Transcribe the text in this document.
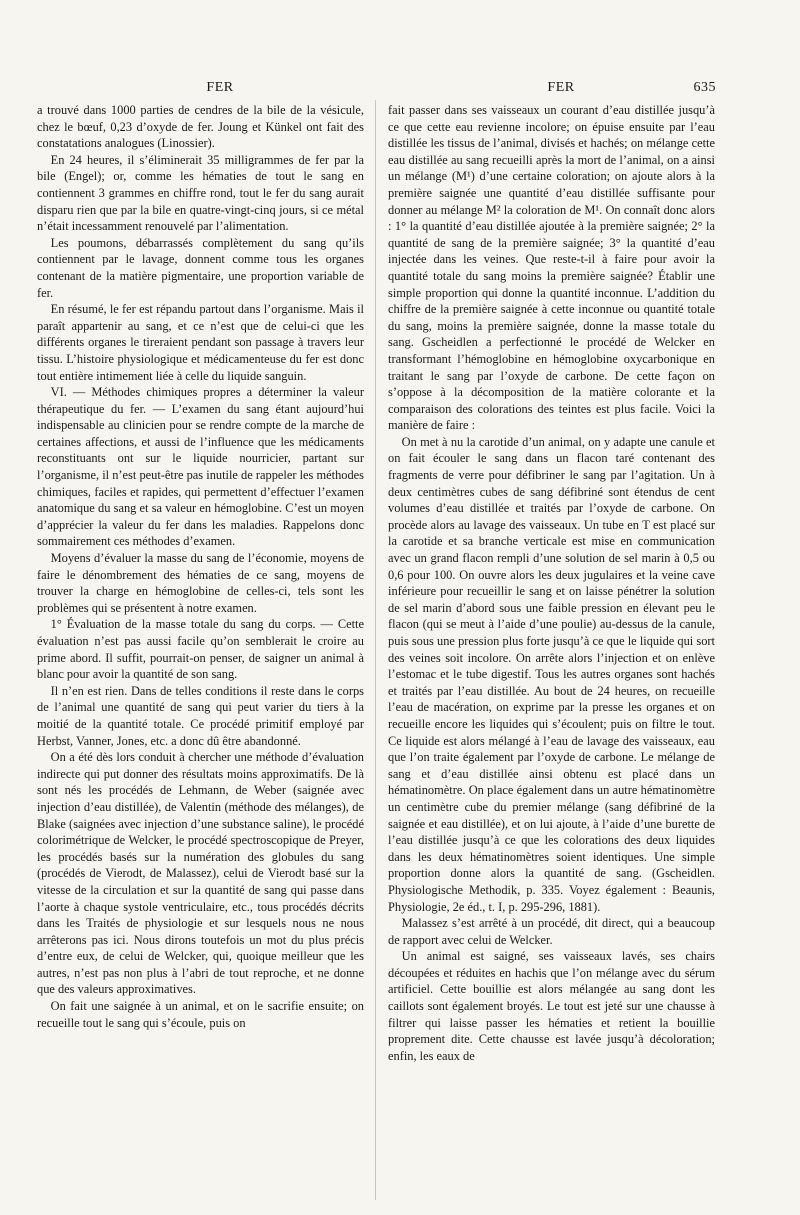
FER	FER	635

a trouvé dans 1000 parties de cendres de la bile de la vésicule, chez le bœuf, 0,23 d’oxyde de fer. Joung et Künkel ont fait des constatations analogues (Linossier).

En 24 heures, il s’éliminerait 35 milligrammes de fer par la bile (Engel); or, comme les hématies de tout le sang en contiennent 3 grammes en chiffre rond, tout le fer du sang aurait disparu rien que par la bile en quatre-vingt-cinq jours, si ce métal n’était incessamment renouvelé par l’alimentation.

Les poumons, débarrassés complètement du sang qu’ils contiennent par le lavage, donnent comme tous les organes contenant de la matière pigmentaire, une proportion variable de fer.

En résumé, le fer est répandu partout dans l’organisme. Mais il paraît appartenir au sang, et ce n’est que de celui-ci que les différents organes le tireraient pendant son passage à travers leur tissu. L’histoire physiologique et médicamenteuse du fer est donc tout entière intimement liée à celle du liquide sanguin.

VI. — Méthodes chimiques propres a déterminer la valeur thérapeutique du fer. — L’examen du sang étant aujourd’hui indispensable au clinicien pour se rendre compte de la marche de certaines affections, et aussi de l’influence que les médicaments reconstituants ont sur le liquide nourricier, partant sur l’organisme, il n’est peut-être pas inutile de rappeler les méthodes chimiques, faciles et rapides, qui permettent d’effectuer l’examen anatomique du sang et sa valeur en hémoglobine. C’est un moyen d’apprécier la valeur du fer dans les maladies. Rappelons donc sommairement ces méthodes d’examen.

Moyens d’évaluer la masse du sang de l’économie, moyens de faire le dénombrement des hématies de ce sang, moyens de trouver la charge en hémoglobine de celles-ci, tels sont les problèmes qui se présentent à notre examen.

1° Évaluation de la masse totale du sang du corps. — Cette évaluation n’est pas aussi facile qu’on semblerait le croire au prime abord. Il suffit, pourrait-on penser, de saigner un animal à blanc pour avoir la quantité de son sang.

Il n’en est rien. Dans de telles conditions il reste dans le corps de l’animal une quantité de sang qui peut varier du tiers à la moitié de la quantité totale. Ce procédé primitif employé par Herbst, Vanner, Jones, etc. a donc dû être abandonné.

On a été dès lors conduit à chercher une méthode d’évaluation indirecte qui put donner des résultats moins approximatifs. De là sont nés les procédés de Lehmann, de Weber (saignée avec injection d’eau distillée), de Valentin (méthode des mélanges), de Blake (saignées avec injection d’une substance saline), le procédé colorimétrique de Welcker, le procédé spectroscopique de Preyer, les procédés basés sur la numération des globules du sang (procédés de Vierodt, de Malassez), celui de Vierodt basé sur la vitesse de la circulation et sur la quantité de sang qui passe dans l’aorte à chaque systole ventriculaire, etc., tous procédés décrits dans les Traités de physiologie et sur lesquels nous ne nous arrêterons pas ici. Nous dirons toutefois un mot du plus précis d’entre eux, de celui de Welcker, qui, quoique meilleur que les autres, n’est pas non plus à l’abri de tout reproche, et ne donne que des valeurs approximatives.

On fait une saignée à un animal, et on le sacrifie ensuite; on recueille tout le sang qui s’écoule, puis on

fait passer dans ses vaisseaux un courant d’eau distillée jusqu’à ce que cette eau revienne incolore; on épuise ensuite par l’eau distillée les tissus de l’animal, divisés et hachés; on mélange cette eau distillée au sang recueilli après la mort de l’animal, on a ainsi un mélange (M¹) d’une certaine coloration; on ajoute alors à la première saignée une quantité d’eau distillée suffisante pour donner au mélange M² la coloration de M¹. On connaît donc alors : 1° la quantité d’eau distillée ajoutée à la première saignée; 2° la quantité de sang de la première saignée; 3° la quantité d’eau injectée dans les veines. Que reste-t-il à faire pour avoir la quantité totale du sang moins la première saignée? Établir une simple proportion qui donne la quantité inconnue. L’addition du chiffre de la première saignée à cette inconnue ou quantité totale du sang, moins la première saignée, donne la masse totale du sang. Gscheidlen a perfectionné le procédé de Welcker en transformant l’hémoglobine en hémoglobine oxycarbonique en traitant le sang par l’oxyde de carbone. De cette façon on s’oppose à la décomposition de la matière colorante et la comparaison des colorations des teintes est plus facile. Voici la manière de faire :

On met à nu la carotide d’un animal, on y adapte une canule et on fait écouler le sang dans un flacon taré contenant des fragments de verre pour défibriner le sang par l’agitation. Un à deux centimètres cubes de sang défibriné sont étendus de cent volumes d’eau distillée et traités par l’oxyde de carbone. On procède alors au lavage des vaisseaux. Un tube en T est placé sur la carotide et sa branche verticale est mise en communication avec un grand flacon rempli d’une solution de sel marin à 0,5 ou 0,6 pour 100. On ouvre alors les deux jugulaires et la veine cave inférieure pour recueillir le sang et on laisse pénétrer la solution de sel marin d’abord sous une faible pression en élevant peu le flacon (qui se meut à l’aide d’une poulie) au-dessus de la canule, puis sous une pression plus forte jusqu’à ce que le liquide qui sort des veines soit incolore. On arrête alors l’injection et on enlève l’estomac et le tube digestif. Tous les autres organes sont hachés et traités par l’eau distillée. Au bout de 24 heures, on recueille l’eau de macération, on exprime par la presse les organes et on recueille encore les liquides qui s’écoulent; puis on filtre le tout. Ce liquide est alors mélangé à l’eau de lavage des vaisseaux, eau que l’on traite également par l’oxyde de carbone. Le mélange de sang et d’eau distillée ainsi obtenu est placé dans un hématinomètre. On place également dans un autre hématinomètre un centimètre cube du premier mélange (sang défibriné de la saignée et eau distillée), et on lui ajoute, à l’aide d’une burette de l’eau distillée jusqu’à ce que les colorations des deux liquides dans les deux hématinomètres soient identiques. Une simple proportion donne alors la quantité de sang. (Gscheidlen. Physiologische Methodik, p. 335. Voyez également : Beaunis, Physiologie, 2e éd., t. I, p. 295-296, 1881).

Malassez s’est arrêté à un procédé, dit direct, qui a beaucoup de rapport avec celui de Welcker.

Un animal est saigné, ses vaisseaux lavés, ses chairs découpées et réduites en hachis que l’on mélange avec du sérum artificiel. Cette bouillie est alors mélangée au sang dont les caillots sont également broyés. Le tout est jeté sur une chausse à filtrer qui laisse passer les hématies et retient la bouillie proprement dite. Cette chausse est lavée jusqu’à décoloration; enfin, les eaux de
